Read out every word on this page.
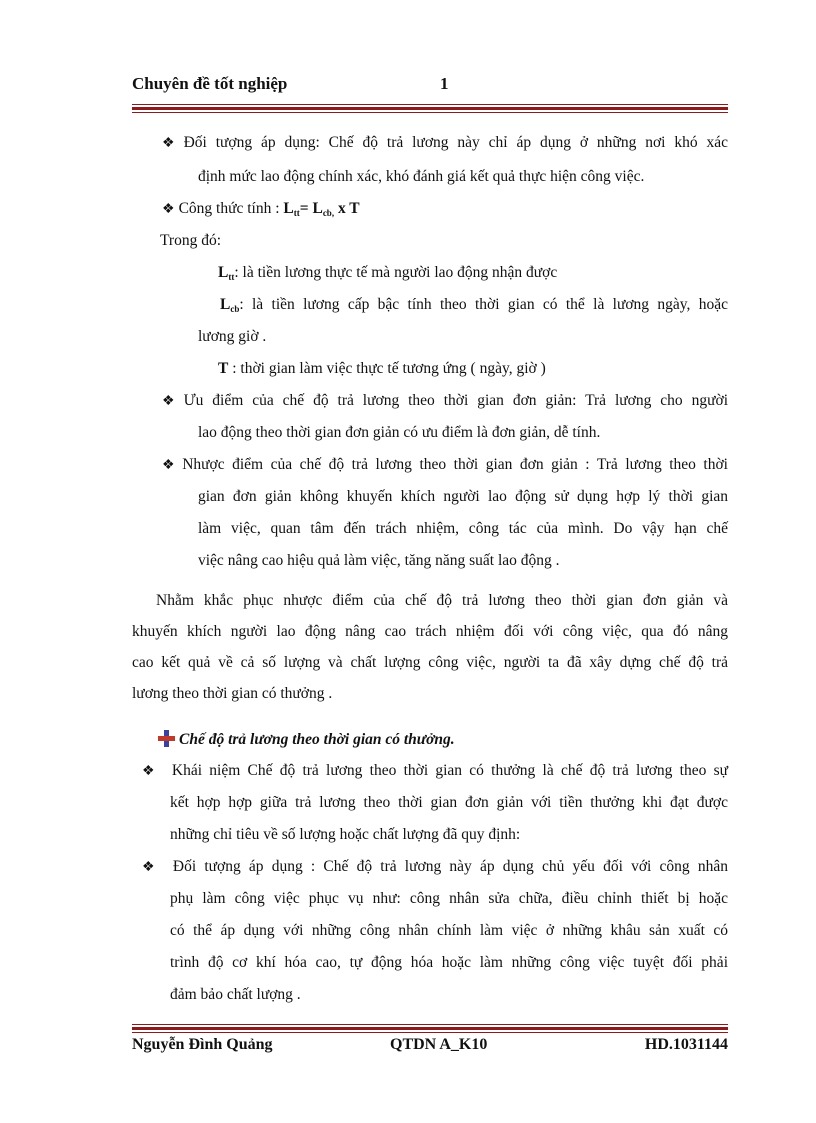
Chuyên đề tốt nghiệp	1
❖ Đối tượng áp dụng: Chế độ trả lương này chỉ áp dụng ở những nơi khó xác
định mức lao động chính xác, khó đánh giá kết quả thực hiện công việc.
❖ Công thức tính : $L_{tt}= L_{cb,}$ x T
Trong đó:
$L_{tt}$: là tiền lương thực tế mà người lao động nhận được
$L_{cb}$: là tiền lương cấp bậc tính theo thời gian có thể là lương ngày, hoặc
lương giờ .
T : thời gian làm việc thực tế tương ứng ( ngày, giờ )
❖ Ưu điểm của chế độ trả lương theo thời gian đơn giản: Trả lương cho người
lao động theo thời gian đơn giản có ưu điểm là đơn giản, dễ tính.
❖ Nhược điểm của chế độ trả lương theo thời gian đơn giản : Trả lương theo thời
gian đơn giản không khuyến khích người lao động sử dụng hợp lý thời gian
làm việc, quan tâm đến trách nhiệm, công tác của mình. Do vậy hạn chế
việc nâng cao hiệu quả làm việc, tăng năng suất lao động .
Nhằm khắc phục nhược điểm của chế độ trả lương theo thời gian đơn giản và
khuyến khích người lao động nâng cao trách nhiệm đối với công việc, qua đó nâng
cao kết quả về cả số lượng và chất lượng công việc, người ta đã xây dựng chế độ trả
lương theo thời gian có thưởng .
Chế độ trả lương theo thời gian có thưởng.
❖ Khái niệm Chế độ trả lương theo thời gian có thưởng là chế độ trả lương theo sự
kết hợp hợp giữa trả lương theo thời gian đơn giản với tiền thưởng khi đạt được
những chỉ tiêu về số lượng hoặc chất lượng đã quy định:
❖ Đối tượng áp dụng : Chế độ trả lương này áp dụng chủ yếu đối với công nhân
phụ làm công việc phục vụ như: công nhân sửa chữa, điều chỉnh thiết bị hoặc
có thể áp dụng với những công nhân chính làm việc ở những khâu sản xuất có
trình độ cơ khí hóa cao, tự động hóa hoặc làm những công việc tuyệt đối phải
đảm bảo chất lượng .
Nguyễn Đình Quảng	QTDN A_K10	HD.1031144
